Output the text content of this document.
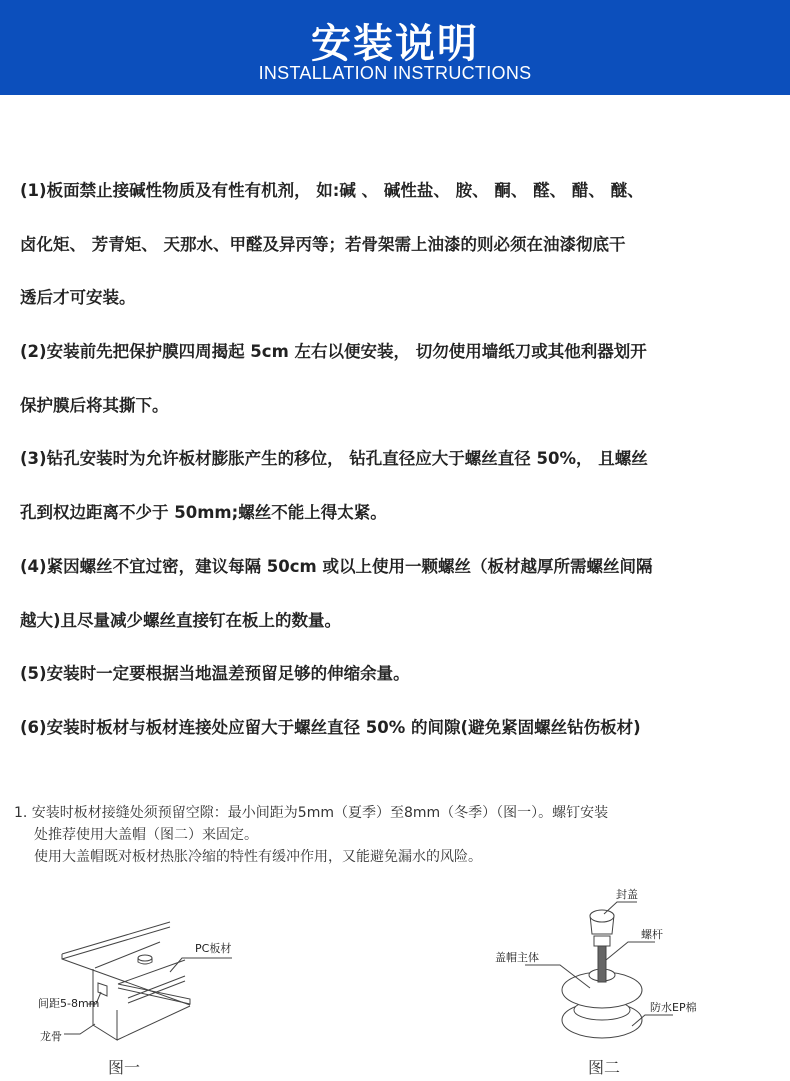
安装说明
INSTALLATION INSTRUCTIONS
(1)板面禁止接碱性物质及有性有机剂， 如:碱 、 碱性盐、 胺、 酮、 醛、 醋、 醚、
卤化矩、 芳青矩、 天那水、甲醛及异丙等；若骨架需上油漆的则必须在油漆彻底干
透后才可安装。
(2)安装前先把保护膜四周揭起 5cm 左右以便安装， 切勿使用墙纸刀或其他利器划开
保护膜后将其撕下。
(3)钻孔安装时为允许板材膨胀产生的移位， 钻孔直径应大于螺丝直径 50%， 且螺丝
孔到权边距离不少于 50mm;螺丝不能上得太紧。
(4)紧因螺丝不宜过密，建议每隔 50cm 或以上使用一颗螺丝（板材越厚所需螺丝间隔
越大)且尽量减少螺丝直接钉在板上的数量。
(5)安装时一定要根据当地温差预留足够的伸缩余量。
(6)安装时板材与板材连接处应留大于螺丝直径 50% 的间隙(避免紧固螺丝钻伤板材)
1. 安装时板材接缝处须预留空隙：最小间距为5mm（夏季）至8mm（冬季）（图一）。螺钉安装
处推荐使用大盖帽（图二）来固定。
使用大盖帽既对板材热胀冷缩的特性有缓冲作用，又能避免漏水的风险。
PC板材
间距5-8mm
龙骨
图一
封盖
螺杆
盖帽主体
防水EP棉
图二
